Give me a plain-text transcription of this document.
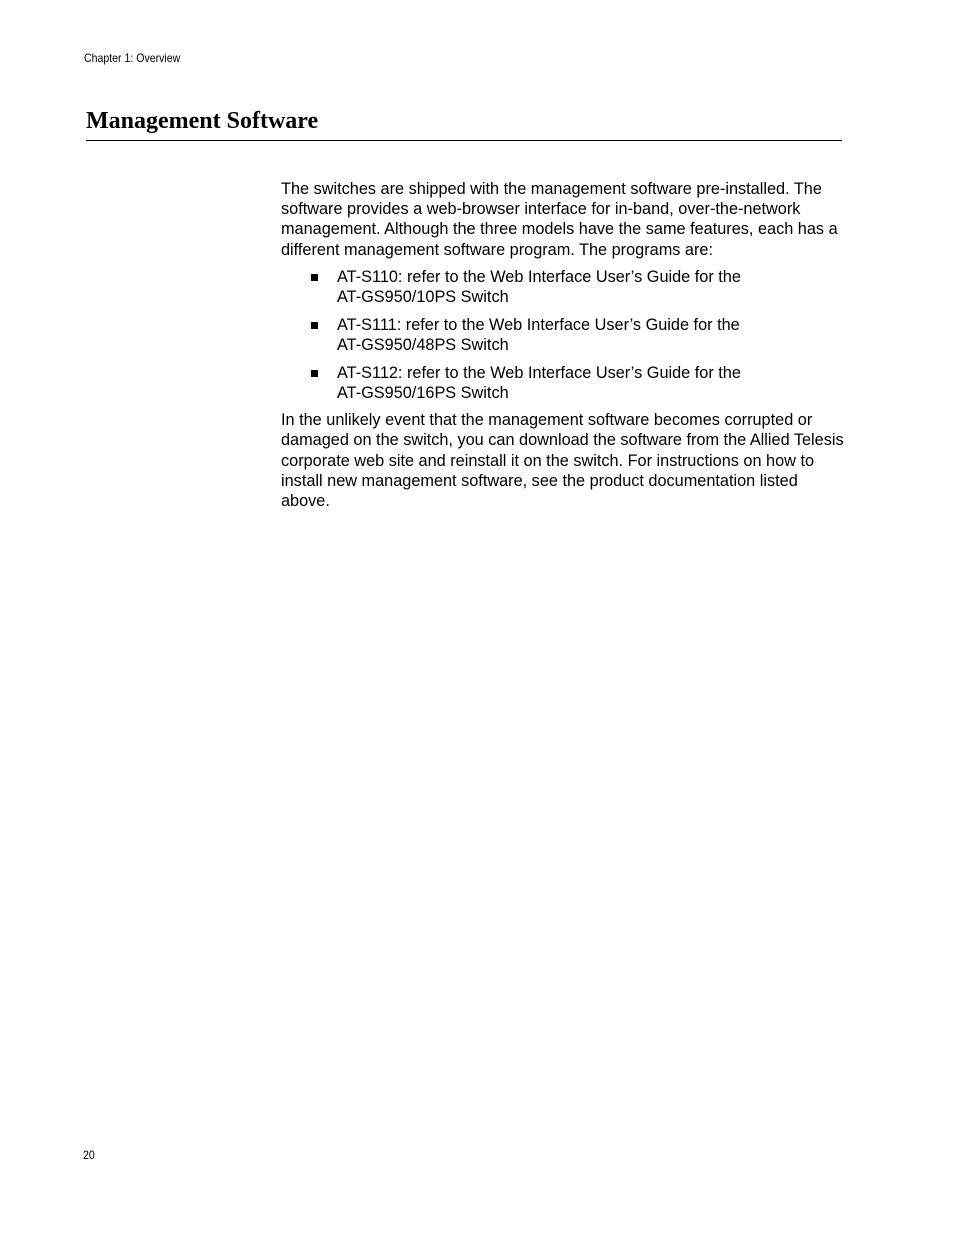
Chapter 1: Overview
Management Software

The switches are shipped with the management software pre-installed. The software provides a web-browser interface for in-band, over-the-network management. Although the three models have the same features, each has a different management software program. The programs are:

AT-S110: refer to the Web Interface User’s Guide for the
AT-GS950/10PS Switch
AT-S111: refer to the Web Interface User’s Guide for the
AT-GS950/48PS Switch
AT-S112: refer to the Web Interface User’s Guide for the
AT-GS950/16PS Switch

In the unlikely event that the management software becomes corrupted or damaged on the switch, you can download the software from the Allied Telesis corporate web site and reinstall it on the switch. For instructions on how to install new management software, see the product documentation listed above.

20
